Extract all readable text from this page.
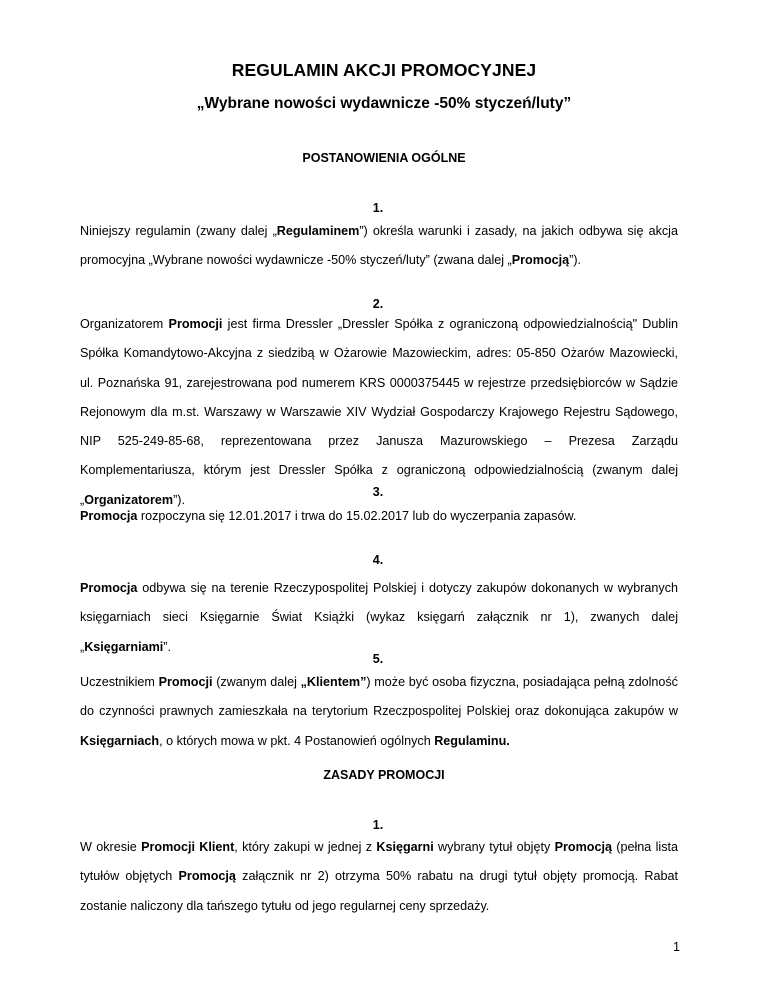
REGULAMIN AKCJI PROMOCYJNEJ
„Wybrane nowości wydawnicze -50% styczeń/luty”
POSTANOWIENIA OGÓLNE
1.
Niniejszy regulamin (zwany dalej „Regulaminem”) określa warunki i zasady, na jakich odbywa się akcja promocyjna „Wybrane nowości wydawnicze -50% styczeń/luty” (zwana dalej „Promocją”).
2.
Organizatorem Promocji jest firma Dressler „Dressler Spółka z ograniczoną odpowiedzialnością" Dublin Spółka Komandytowo-Akcyjna z siedzibą w Ożarowie Mazowieckim, adres: 05-850 Ożarów Mazowiecki, ul. Poznańska 91, zarejestrowana pod numerem KRS 0000375445 w rejestrze przedsiębiorców w Sądzie Rejonowym dla m.st. Warszawy w Warszawie XIV Wydział Gospodarczy Krajowego Rejestru Sądowego, NIP 525-249-85-68, reprezentowana przez Janusza Mazurowskiego – Prezesa Zarządu Komplementariusza, którym jest Dressler Spółka z ograniczoną odpowiedzialnością (zwanym dalej „Organizatorem”).
3.
Promocja rozpoczyna się 12.01.2017 i trwa do 15.02.2017 lub do wyczerpania zapasów.
4.
Promocja odbywa się na terenie Rzeczypospolitej Polskiej i dotyczy zakupów dokonanych w wybranych księgarniach sieci Księgarnie Świat Książki (wykaz księgarń załącznik nr 1), zwanych dalej „Księgarniami”.
5.
Uczestnikiem Promocji (zwanym dalej „Klientem”) może być osoba fizyczna, posiadająca pełną zdolność do czynności prawnych zamieszkała na terytorium Rzeczpospolitej Polskiej oraz dokonująca zakupów w Księgarniach, o których mowa w pkt. 4 Postanowień ogólnych Regulaminu.
ZASADY PROMOCJI
1.
W okresie Promocji Klient, który zakupi w jednej z Księgarni wybrany tytuł objęty Promocją (pełna lista tytułów objętych Promocją załącznik nr 2) otrzyma 50% rabatu na drugi tytuł objęty promocją. Rabat zostanie naliczony dla tańszego tytułu od jego regularnej ceny sprzedaży.
1
